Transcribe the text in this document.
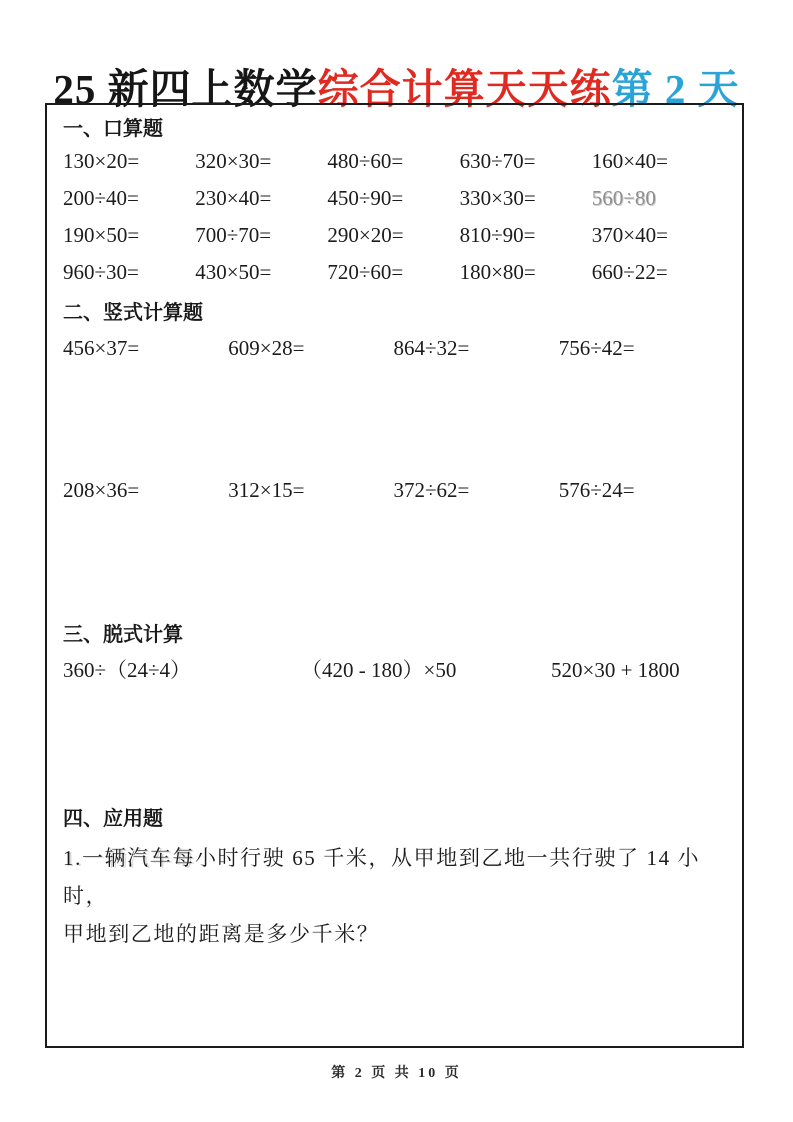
25 新四上数学综合计算天天练第 2 天
一、口算题
130×20=	320×30=	480÷60=	630÷70=	160×40=
200÷40=	230×40=	450÷90=	330×30=	560÷80
190×50=	700÷70=	290×20=	810÷90=	370×40=
960÷30=	430×50=	720÷60=	180×80=	660÷22=
二、竖式计算题
456×37=	609×28=	864÷32=	756÷42=
208×36=	312×15=	372÷62=	576÷24=
三、脱式计算
360÷（24÷4）	（420 - 180）×50	520×30 + 1800
四、应用题
1.一辆汽车每小时行驶 65 千米，从甲地到乙地一共行驶了 14 小时，
甲地到乙地的距离是多少千米？
第 2 页 共 10 页
